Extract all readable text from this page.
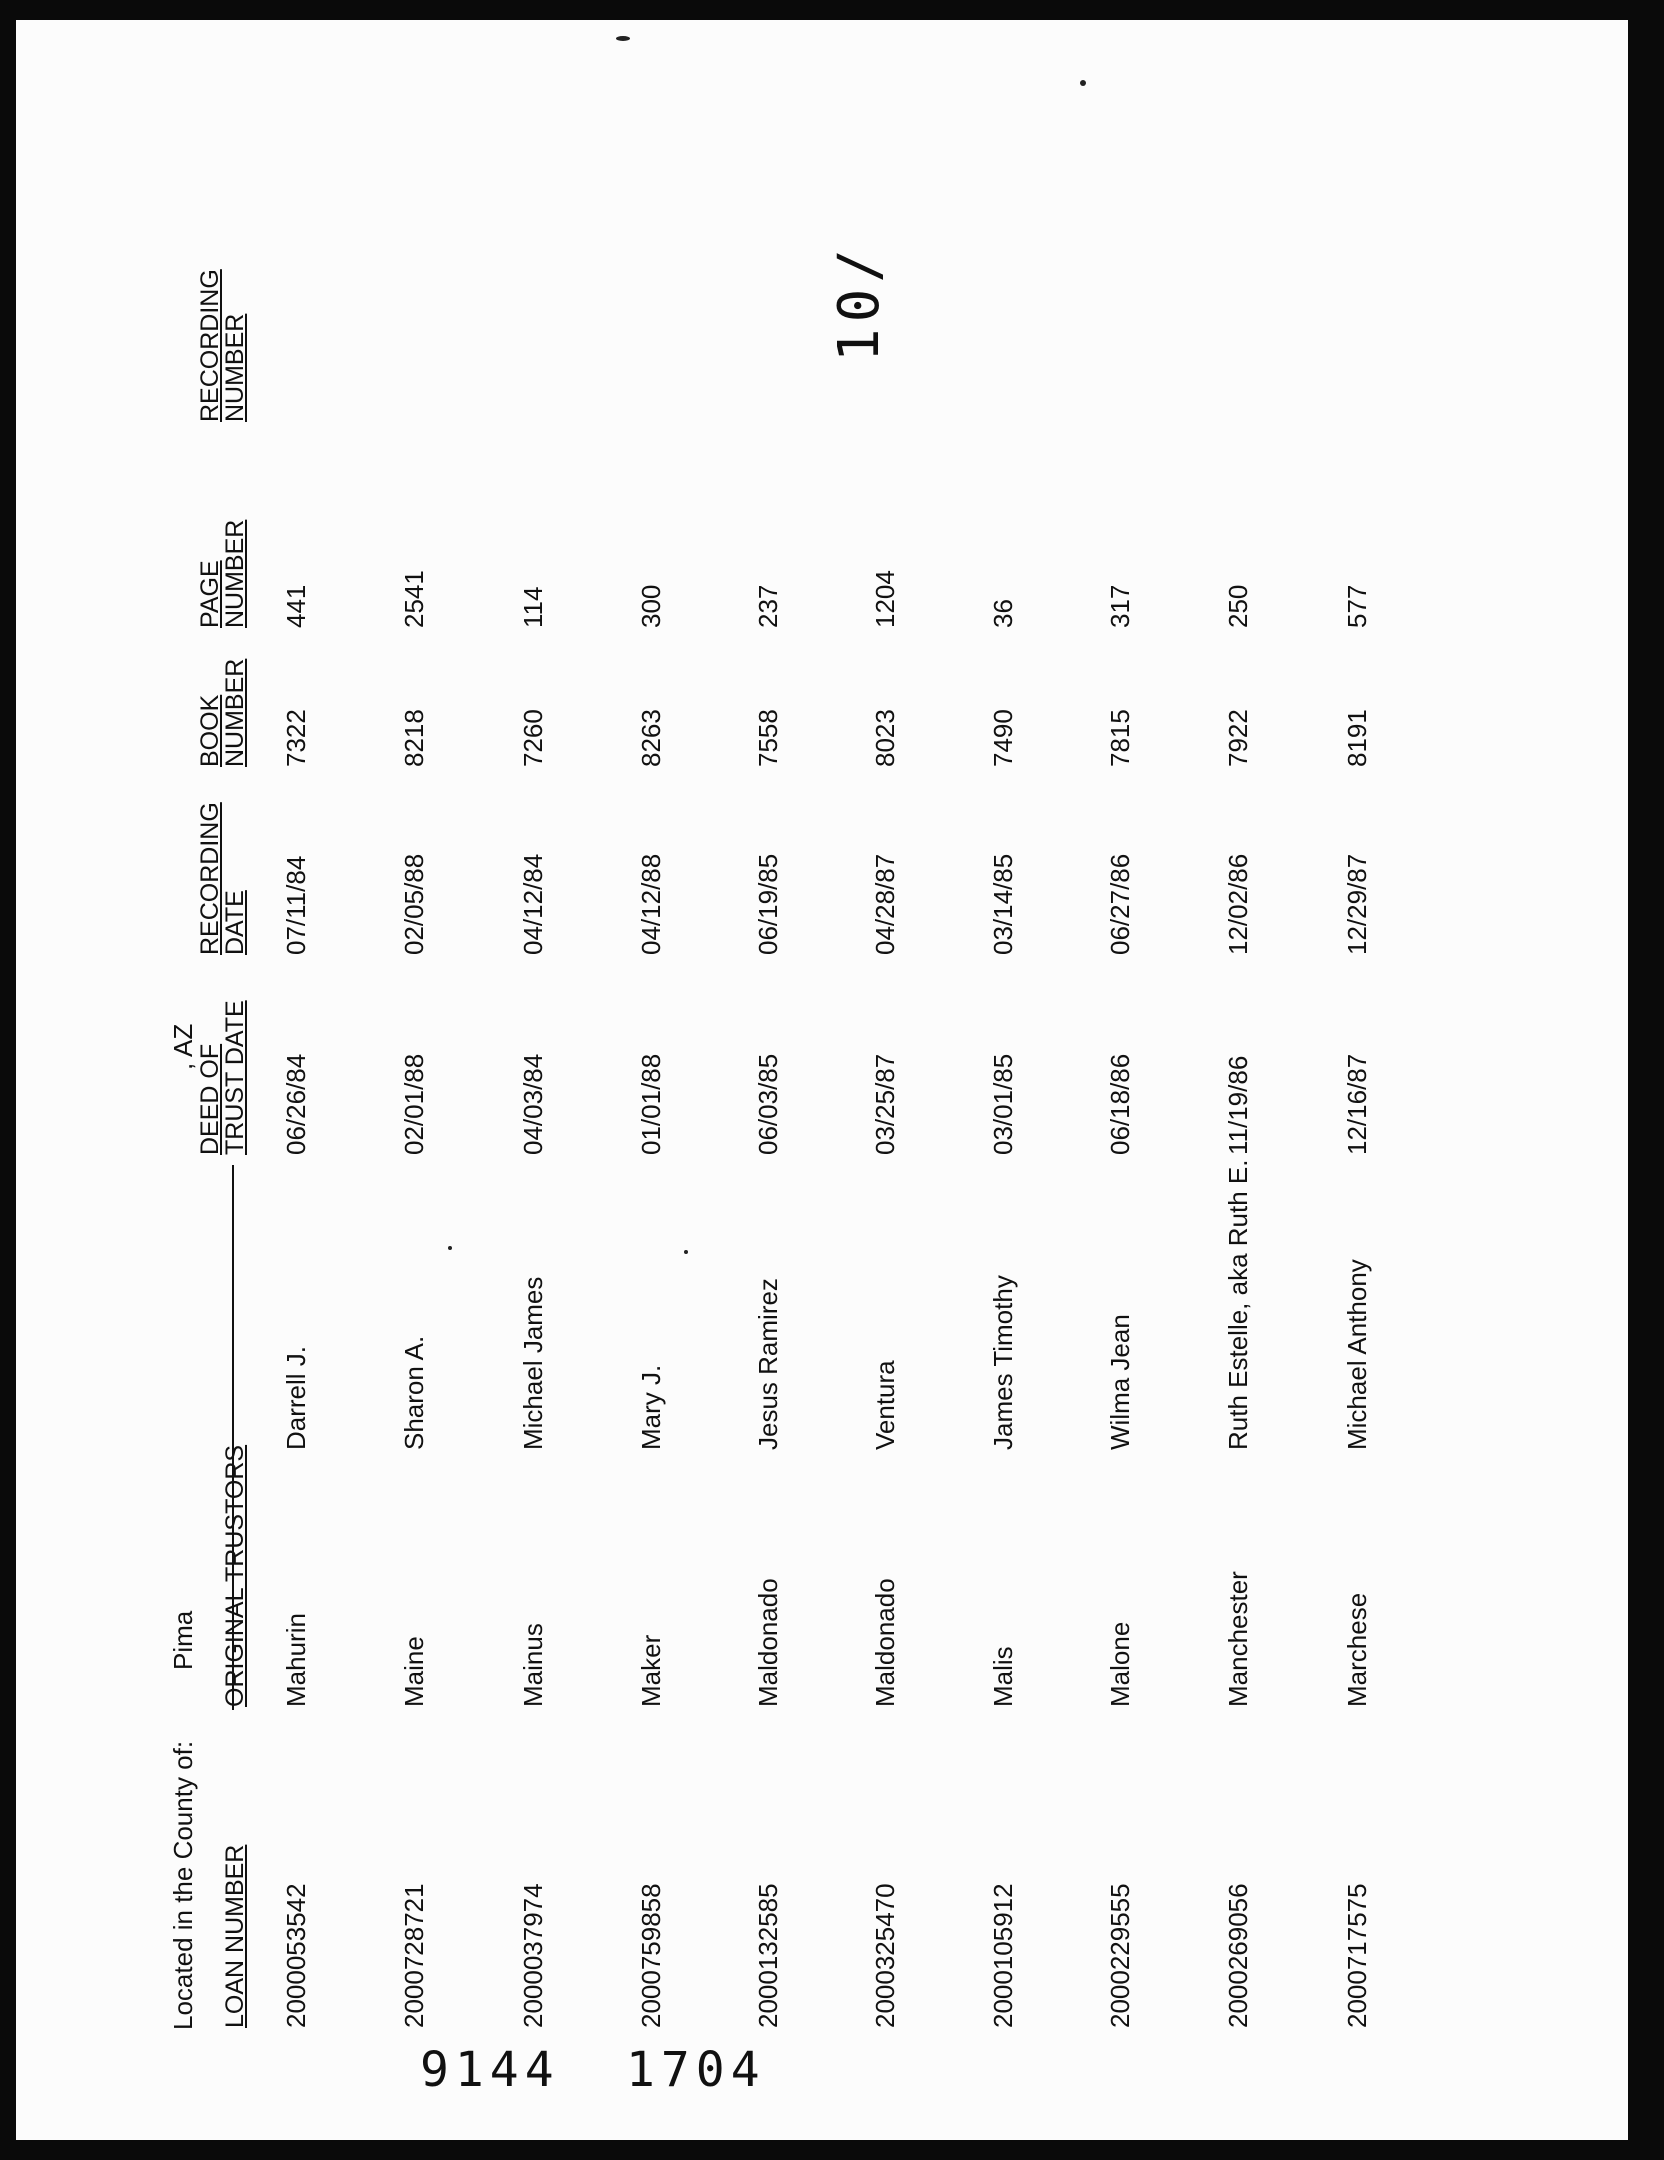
Located in the County of:
Pima
, AZ
LOAN NUMBER
ORIGINAL TRUSTORS
DEED OF
TRUST DATE
RECORDING
DATE
BOOK
NUMBER
PAGE
NUMBER
RECORDING
NUMBER
2000053542
Mahurin
Darrell J.
06/26/84
07/11/84
7322
441
2000728721
Maine
Sharon A.
02/01/88
02/05/88
8218
2541
2000037974
Mainus
Michael James
04/03/84
04/12/84
7260
114
2000759858
Maker
Mary J.
01/01/88
04/12/88
8263
300
2000132585
Maldonado
Jesus Ramirez
06/03/85
06/19/85
7558
237
2000325470
Maldonado
Ventura
03/25/87
04/28/87
8023
1204
2000105912
Malis
James Timothy
03/01/85
03/14/85
7490
36
2000229555
Malone
Wilma Jean
06/18/86
06/27/86
7815
317
2000269056
Manchester
Ruth Estelle, aka Ruth E.
11/19/86
12/02/86
7922
250
2000717575
Marchese
Michael Anthony
12/16/87
12/29/87
8191
577
9144 1704
10/
